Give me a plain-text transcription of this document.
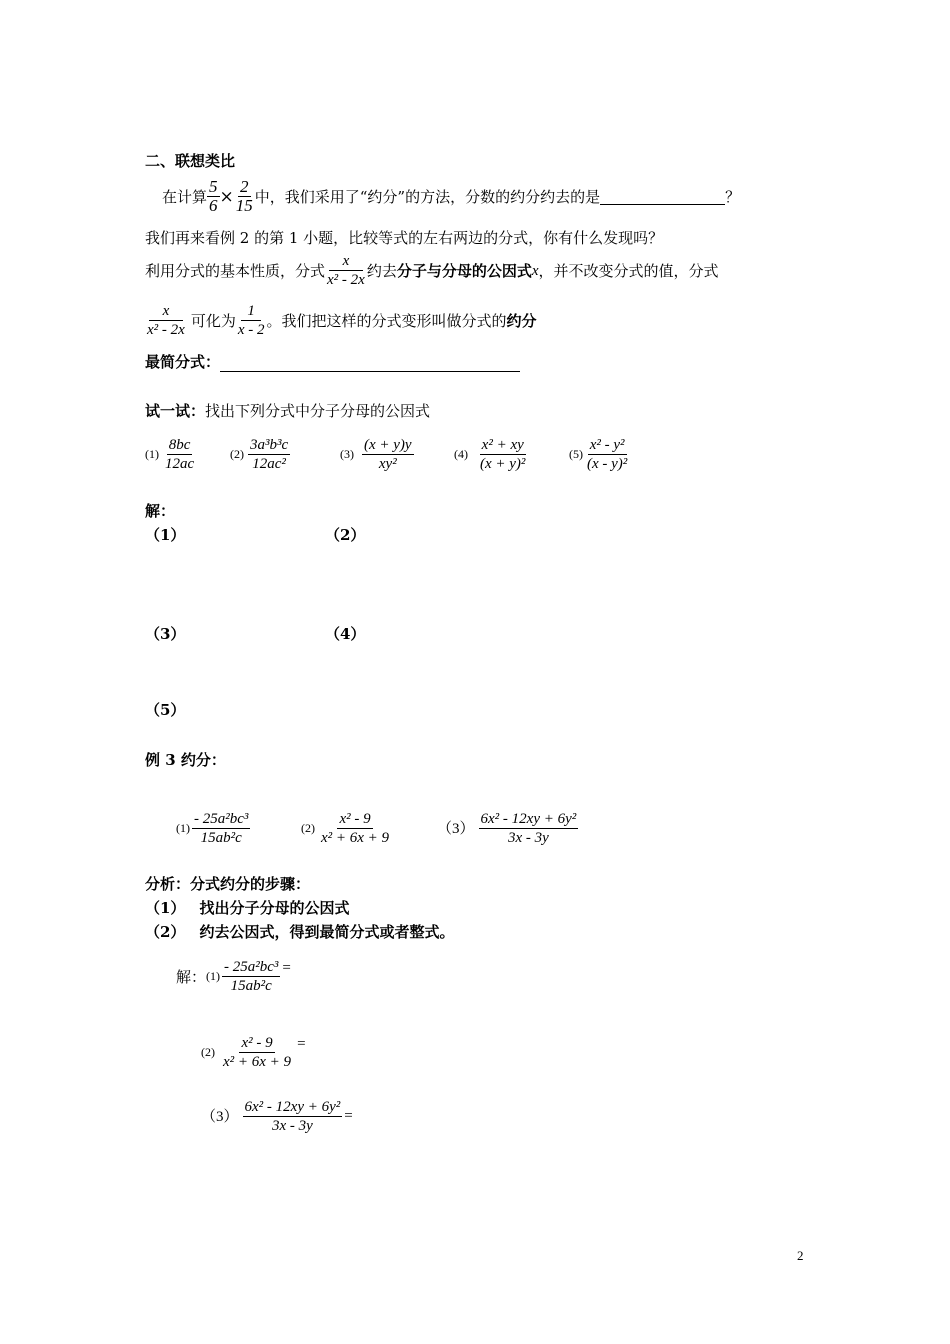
二、联想类比
在计算 $\frac{5}{6} \times \frac{2}{15}$ 中，我们采用了“约分”的方法，分数的约分约去的是	？
我们再来看例 2 的第 1 小题，比较等式的左右两边的分式，你有什么发现吗？
利用分式的基本性质，分式 $\frac{x}{\text{x² - 2x}}$ 约去 分子与分母的公因式 x ，并不改变分式的值，分式
$\frac{x}{\text{x² - 2x}}$ 可化为 $\frac{1}{x - 2}$ 。我们把这样的分式变形叫做分式的 约分
最简分式：
试一试：找出下列分式中分子分母的公因式
$(1) \frac{8bc}{12ac}$	$(2) \frac{\text{3a³b³c}}{\text{12ac²}}$	$(3) \frac{(x + y)y}{\text{xy²}}$	$(4) \frac{\text{x² + xy}}{\text{(x + y)²}}$	$(5) \frac{\text{x² - y²}}{\text{(x - y)²}}$
解：
（1）	（2）
（3）	（4）
（5）
例 3 约分：
$(1) \frac{\text{- 25a²bc³}}{\text{15ab²c}}$	$(2) \frac{\text{x² - 9}}{\text{x² + 6x + 9}}$	$(3) \frac{\text{6x² - 12xy + 6y²}}{3x - 3y}$
分析：分式约分的步骤：
（1） 找出分子分母的公因式
（2） 约去公因式，得到最简分式或者整式。
解： $(1) \frac{\text{- 25a²bc³}}{\text{15ab²c}}$ =
$(2) \frac{\text{x² - 9}}{\text{x² + 6x + 9}}$ =
$(3) \frac{\text{6x² - 12xy + 6y²}}{3x - 3y}$ =
2
